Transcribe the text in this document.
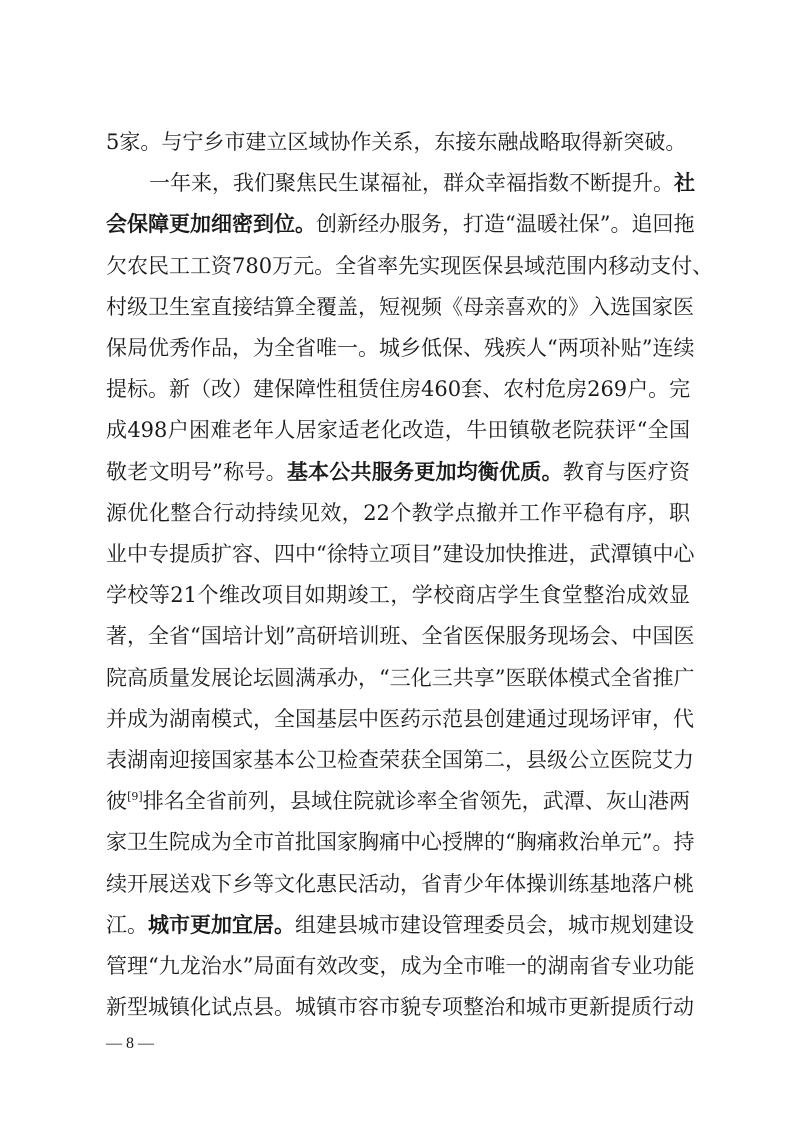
5家。与宁乡市建立区域协作关系，东接东融战略取得新突破。
一年来，我们聚焦民生谋福祉，群众幸福指数不断提升。社
会保障更加细密到位。创新经办服务，打造“温暖社保”。追回拖
欠农民工工资780万元。全省率先实现医保县域范围内移动支付、
村级卫生室直接结算全覆盖，短视频《母亲喜欢的》入选国家医
保局优秀作品，为全省唯一。城乡低保、残疾人“两项补贴”连续
提标。新（改）建保障性租赁住房460套、农村危房269户。完
成498户困难老年人居家适老化改造，牛田镇敬老院获评“全国
敬老文明号”称号。基本公共服务更加均衡优质。教育与医疗资
源优化整合行动持续见效，22个教学点撤并工作平稳有序，职
业中专提质扩容、四中“徐特立项目”建设加快推进，武潭镇中心
学校等21个维改项目如期竣工，学校商店学生食堂整治成效显
著，全省“国培计划”高研培训班、全省医保服务现场会、中国医
院高质量发展论坛圆满承办，“三化三共享”医联体模式全省推广
并成为湖南模式，全国基层中医药示范县创建通过现场评审，代
表湖南迎接国家基本公卫检查荣获全国第二，县级公立医院艾力
彼[9]排名全省前列，县域住院就诊率全省领先，武潭、灰山港两
家卫生院成为全市首批国家胸痛中心授牌的“胸痛救治单元”。持
续开展送戏下乡等文化惠民活动，省青少年体操训练基地落户桃
江。城市更加宜居。组建县城市建设管理委员会，城市规划建设
管理“九龙治水”局面有效改变，成为全市唯一的湖南省专业功能
新型城镇化试点县。城镇市容市貌专项整治和城市更新提质行动
— 8 —
